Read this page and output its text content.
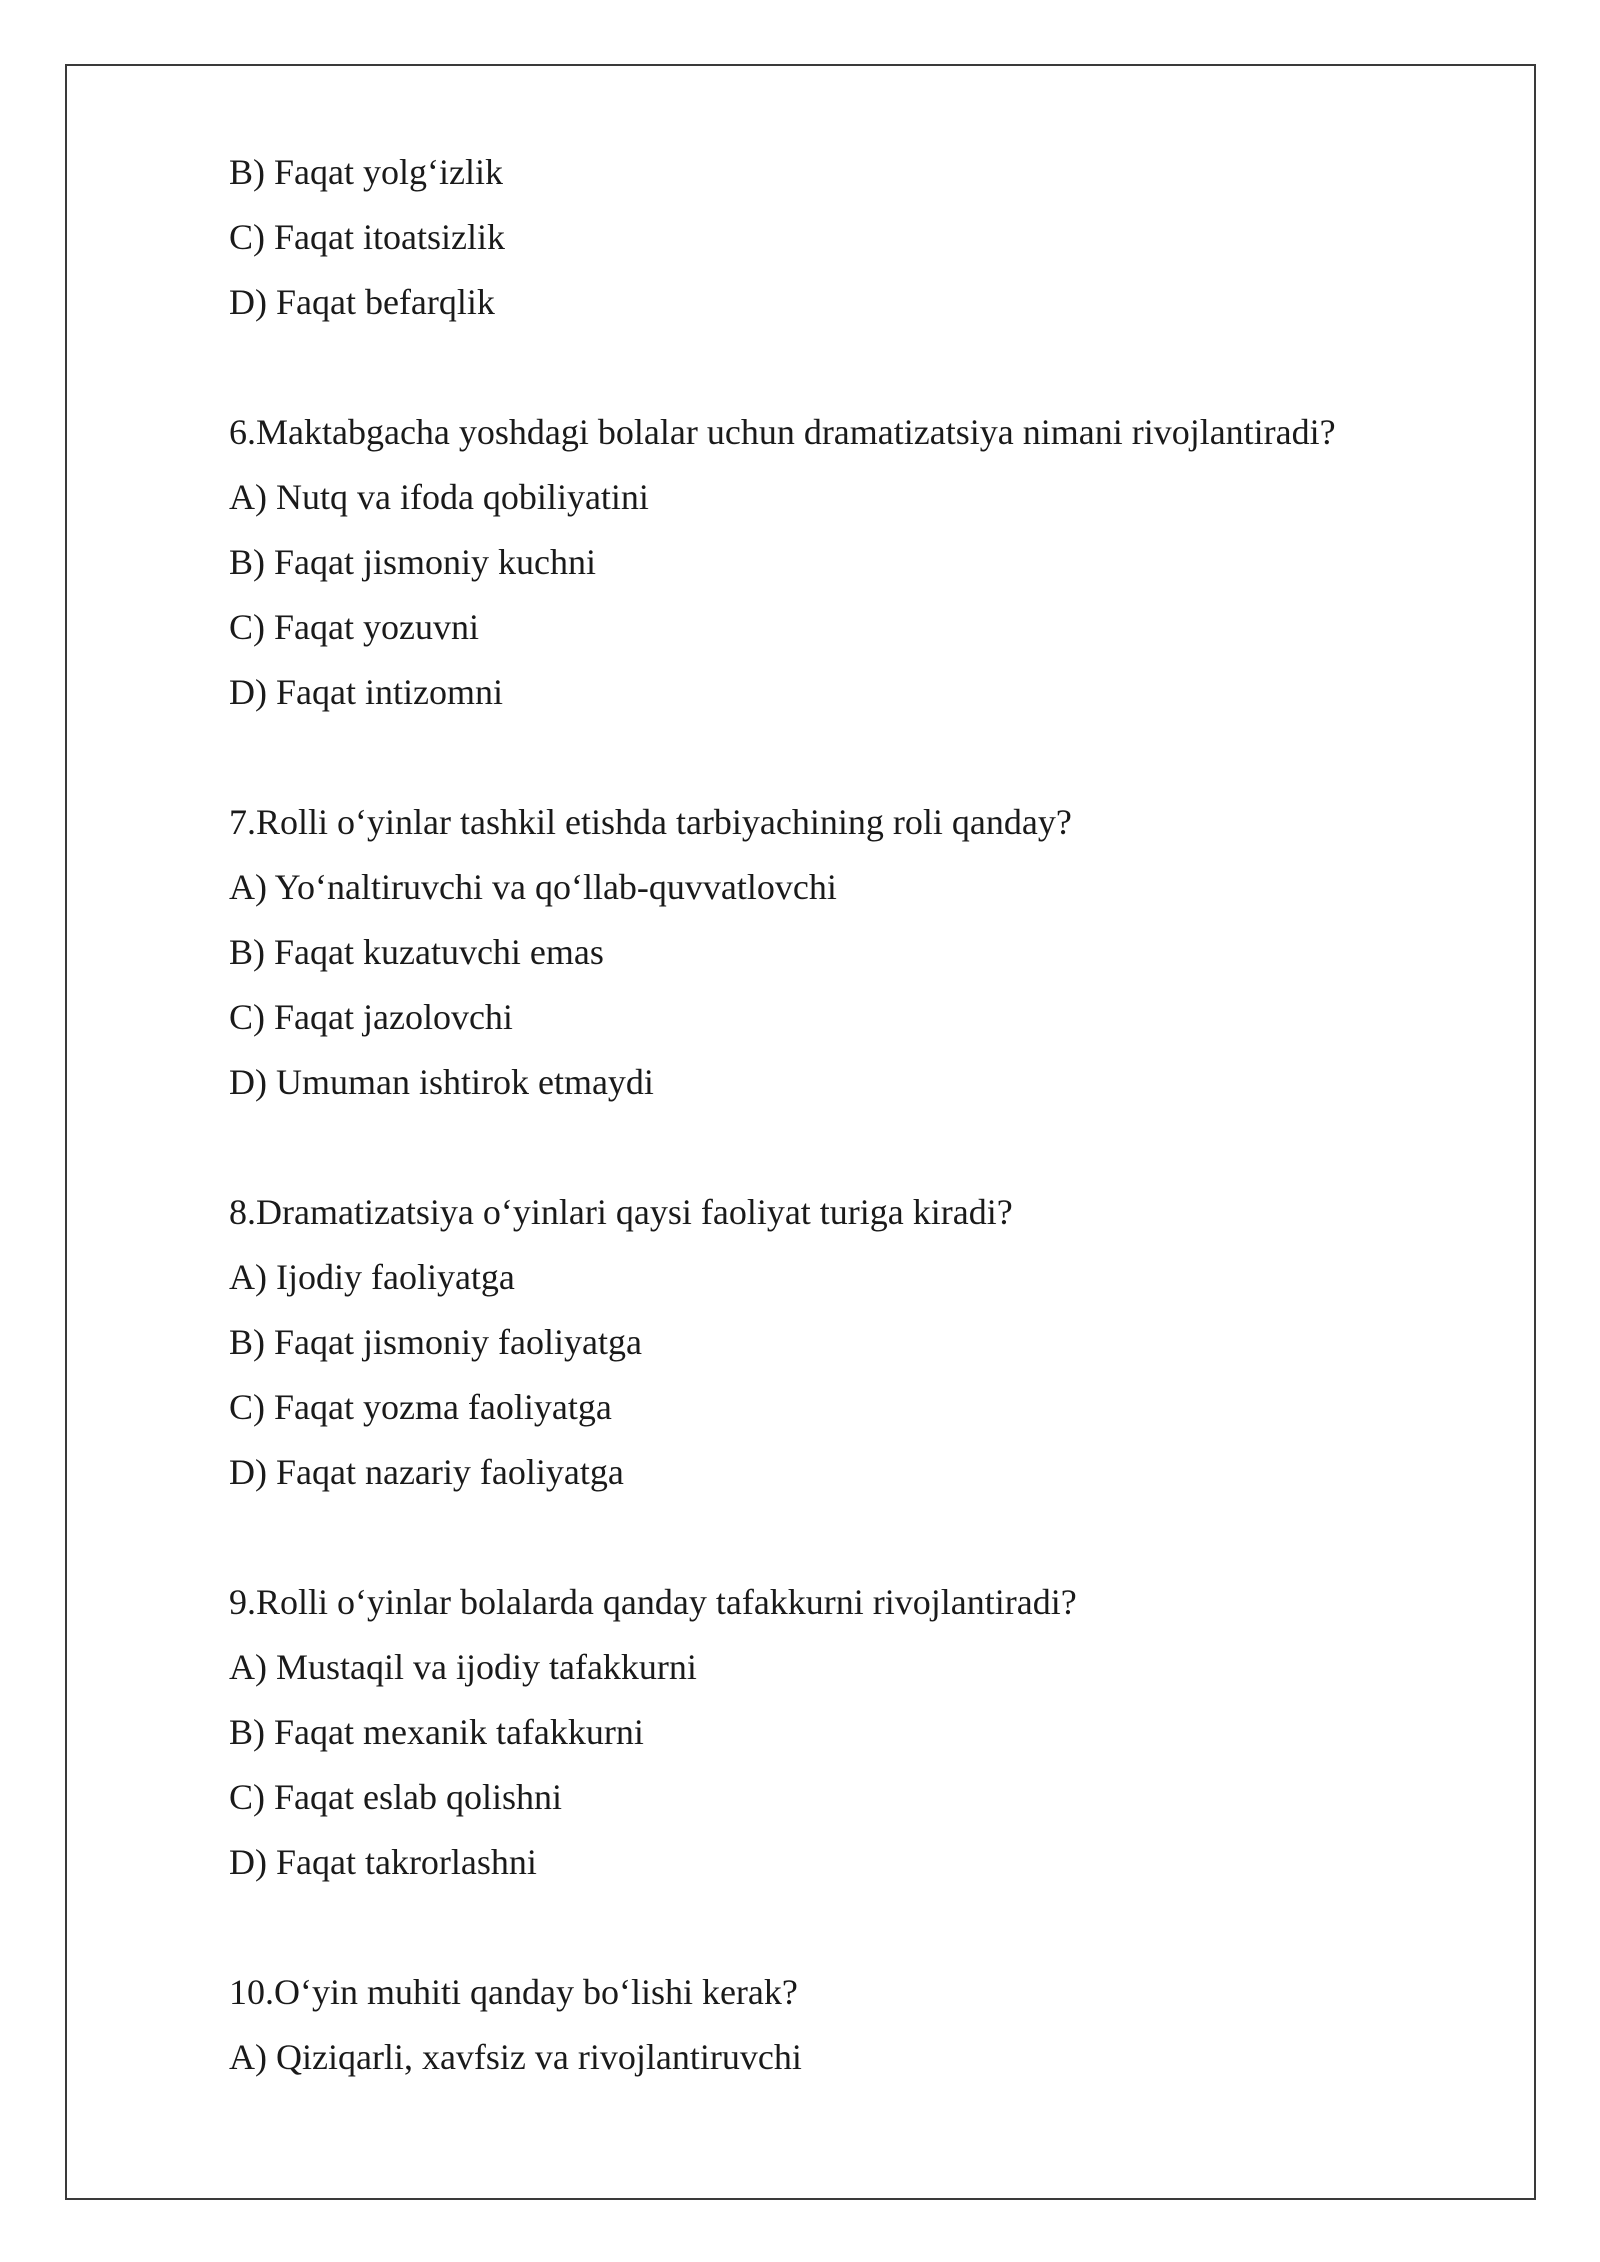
B) Faqat yolg‘izlik
C) Faqat itoatsizlik
D) Faqat befarqlik
6.Maktabgacha yoshdagi bolalar uchun dramatizatsiya nimani rivojlantiradi?
A) Nutq va ifoda qobiliyatini
B) Faqat jismoniy kuchni
C) Faqat yozuvni
D) Faqat intizomni
7.Rolli o‘yinlar tashkil etishda tarbiyachining roli qanday?
A) Yo‘naltiruvchi va qo‘llab-quvvatlovchi
B) Faqat kuzatuvchi emas
C) Faqat jazolovchi
D) Umuman ishtirok etmaydi
8.Dramatizatsiya o‘yinlari qaysi faoliyat turiga kiradi?
A) Ijodiy faoliyatga
B) Faqat jismoniy faoliyatga
C) Faqat yozma faoliyatga
D) Faqat nazariy faoliyatga
9.Rolli o‘yinlar bolalarda qanday tafakkurni rivojlantiradi?
A) Mustaqil va ijodiy tafakkurni
B) Faqat mexanik tafakkurni
C) Faqat eslab qolishni
D) Faqat takrorlashni
10.O‘yin muhiti qanday bo‘lishi kerak?
A) Qiziqarli, xavfsiz va rivojlantiruvchi
